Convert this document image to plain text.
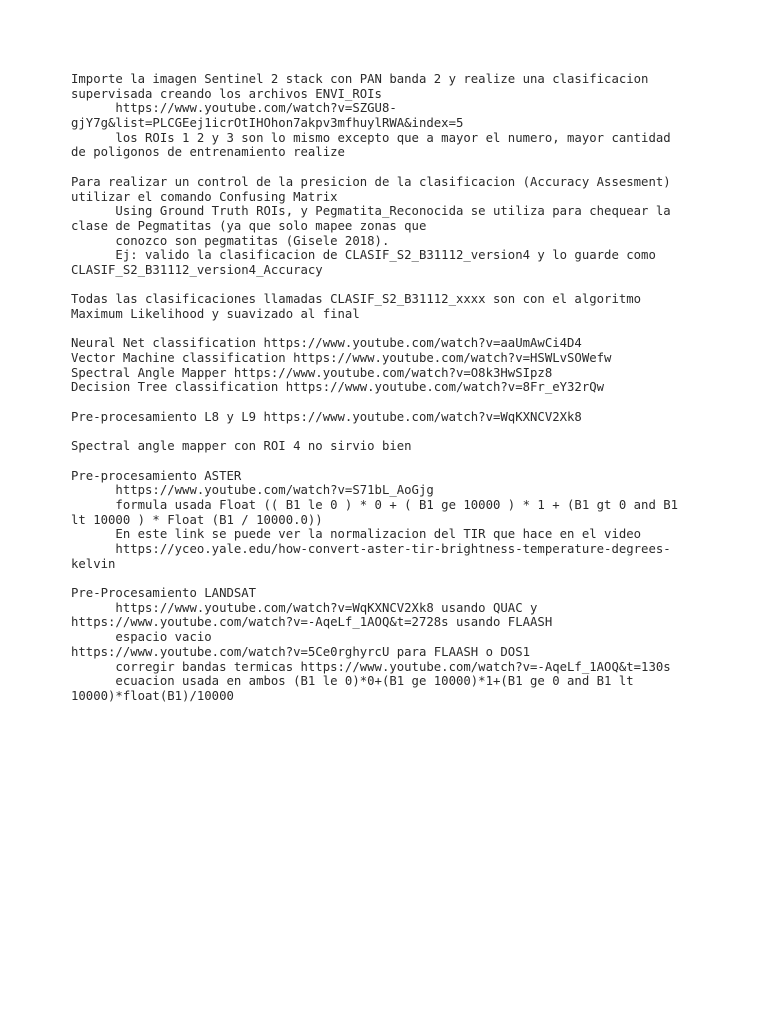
Importe la imagen Sentinel 2 stack con PAN banda 2 y realize una clasificacion
supervisada creando los archivos ENVI_ROIs
https://www.youtube.com/watch?v=SZGU8-
gjY7g&list=PLCGEej1icrOtIHOhon7akpv3mfhuylRWA&index=5
los ROIs 1 2 y 3 son lo mismo excepto que a mayor el numero, mayor cantidad
de poligonos de entrenamiento realize
Para realizar un control de la presicion de la clasificacion (Accuracy Assesment)
utilizar el comando Confusing Matrix
Using Ground Truth ROIs, y Pegmatita_Reconocida se utiliza para chequear la
clase de Pegmatitas (ya que solo mapee zonas que
conozco son pegmatitas (Gisele 2018).
Ej: valido la clasificacion de CLASIF_S2_B31112_version4 y lo guarde como
CLASIF_S2_B31112_version4_Accuracy
Todas las clasificaciones llamadas CLASIF_S2_B31112_xxxx son con el algoritmo
Maximum Likelihood y suavizado al final
Neural Net classification https://www.youtube.com/watch?v=aaUmAwCi4D4
Vector Machine classification https://www.youtube.com/watch?v=HSWLvSOWefw
Spectral Angle Mapper https://www.youtube.com/watch?v=O8k3HwSIpz8
Decision Tree classification https://www.youtube.com/watch?v=8Fr_eY32rQw
Pre-procesamiento L8 y L9 https://www.youtube.com/watch?v=WqKXNCV2Xk8
Spectral angle mapper con ROI 4 no sirvio bien
Pre-procesamiento ASTER
https://www.youtube.com/watch?v=S71bL_AoGjg
formula usada Float (( B1 le 0 ) * 0 + ( B1 ge 10000 ) * 1 + (B1 gt 0 and B1
lt 10000 ) * Float (B1 / 10000.0))
En este link se puede ver la normalizacion del TIR que hace en el video
https://yceo.yale.edu/how-convert-aster-tir-brightness-temperature-degrees-
kelvin
Pre-Procesamiento LANDSAT
https://www.youtube.com/watch?v=WqKXNCV2Xk8 usando QUAC y
https://www.youtube.com/watch?v=-AqeLf_1AOQ&t=2728s usando FLAASH
espacio vacio
https://www.youtube.com/watch?v=5Ce0rghyrcU para FLAASH o DOS1
corregir bandas termicas https://www.youtube.com/watch?v=-AqeLf_1AOQ&t=130s
ecuacion usada en ambos (B1 le 0)*0+(B1 ge 10000)*1+(B1 ge 0 and B1 lt
10000)*float(B1)/10000
